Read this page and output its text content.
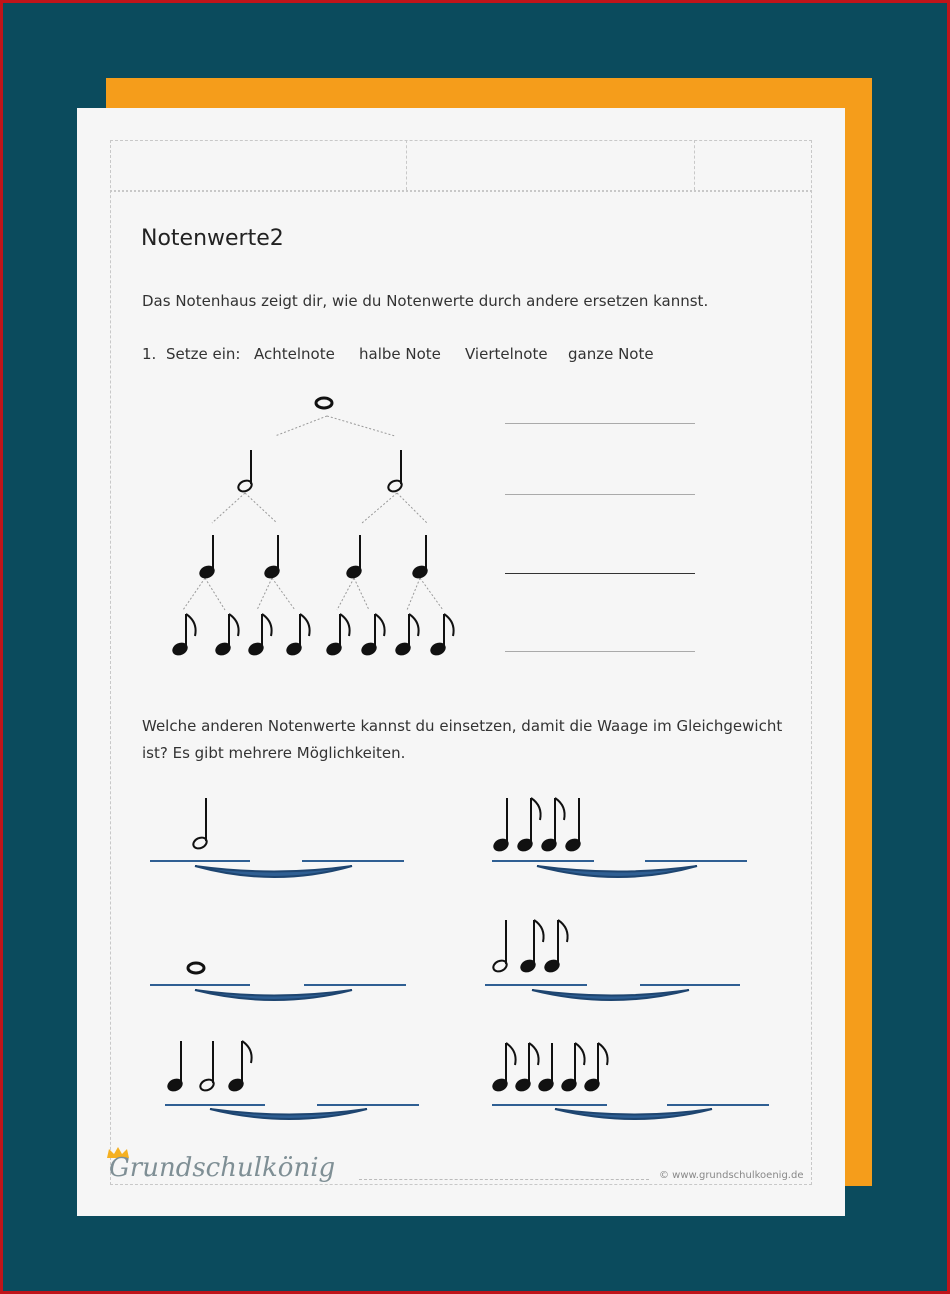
Notenwerte2
Das Notenhaus zeigt dir, wie du Notenwerte durch andere ersetzen kannst.
1. Setze ein: Achtelnote halbe Note Viertelnote ganze Note
Welche anderen Notenwerte kannst du einsetzen, damit die Waage im Gleichgewicht
ist? Es gibt mehrere Möglichkeiten.
Grundschulkönig	© www.grundschulkoenig.de
